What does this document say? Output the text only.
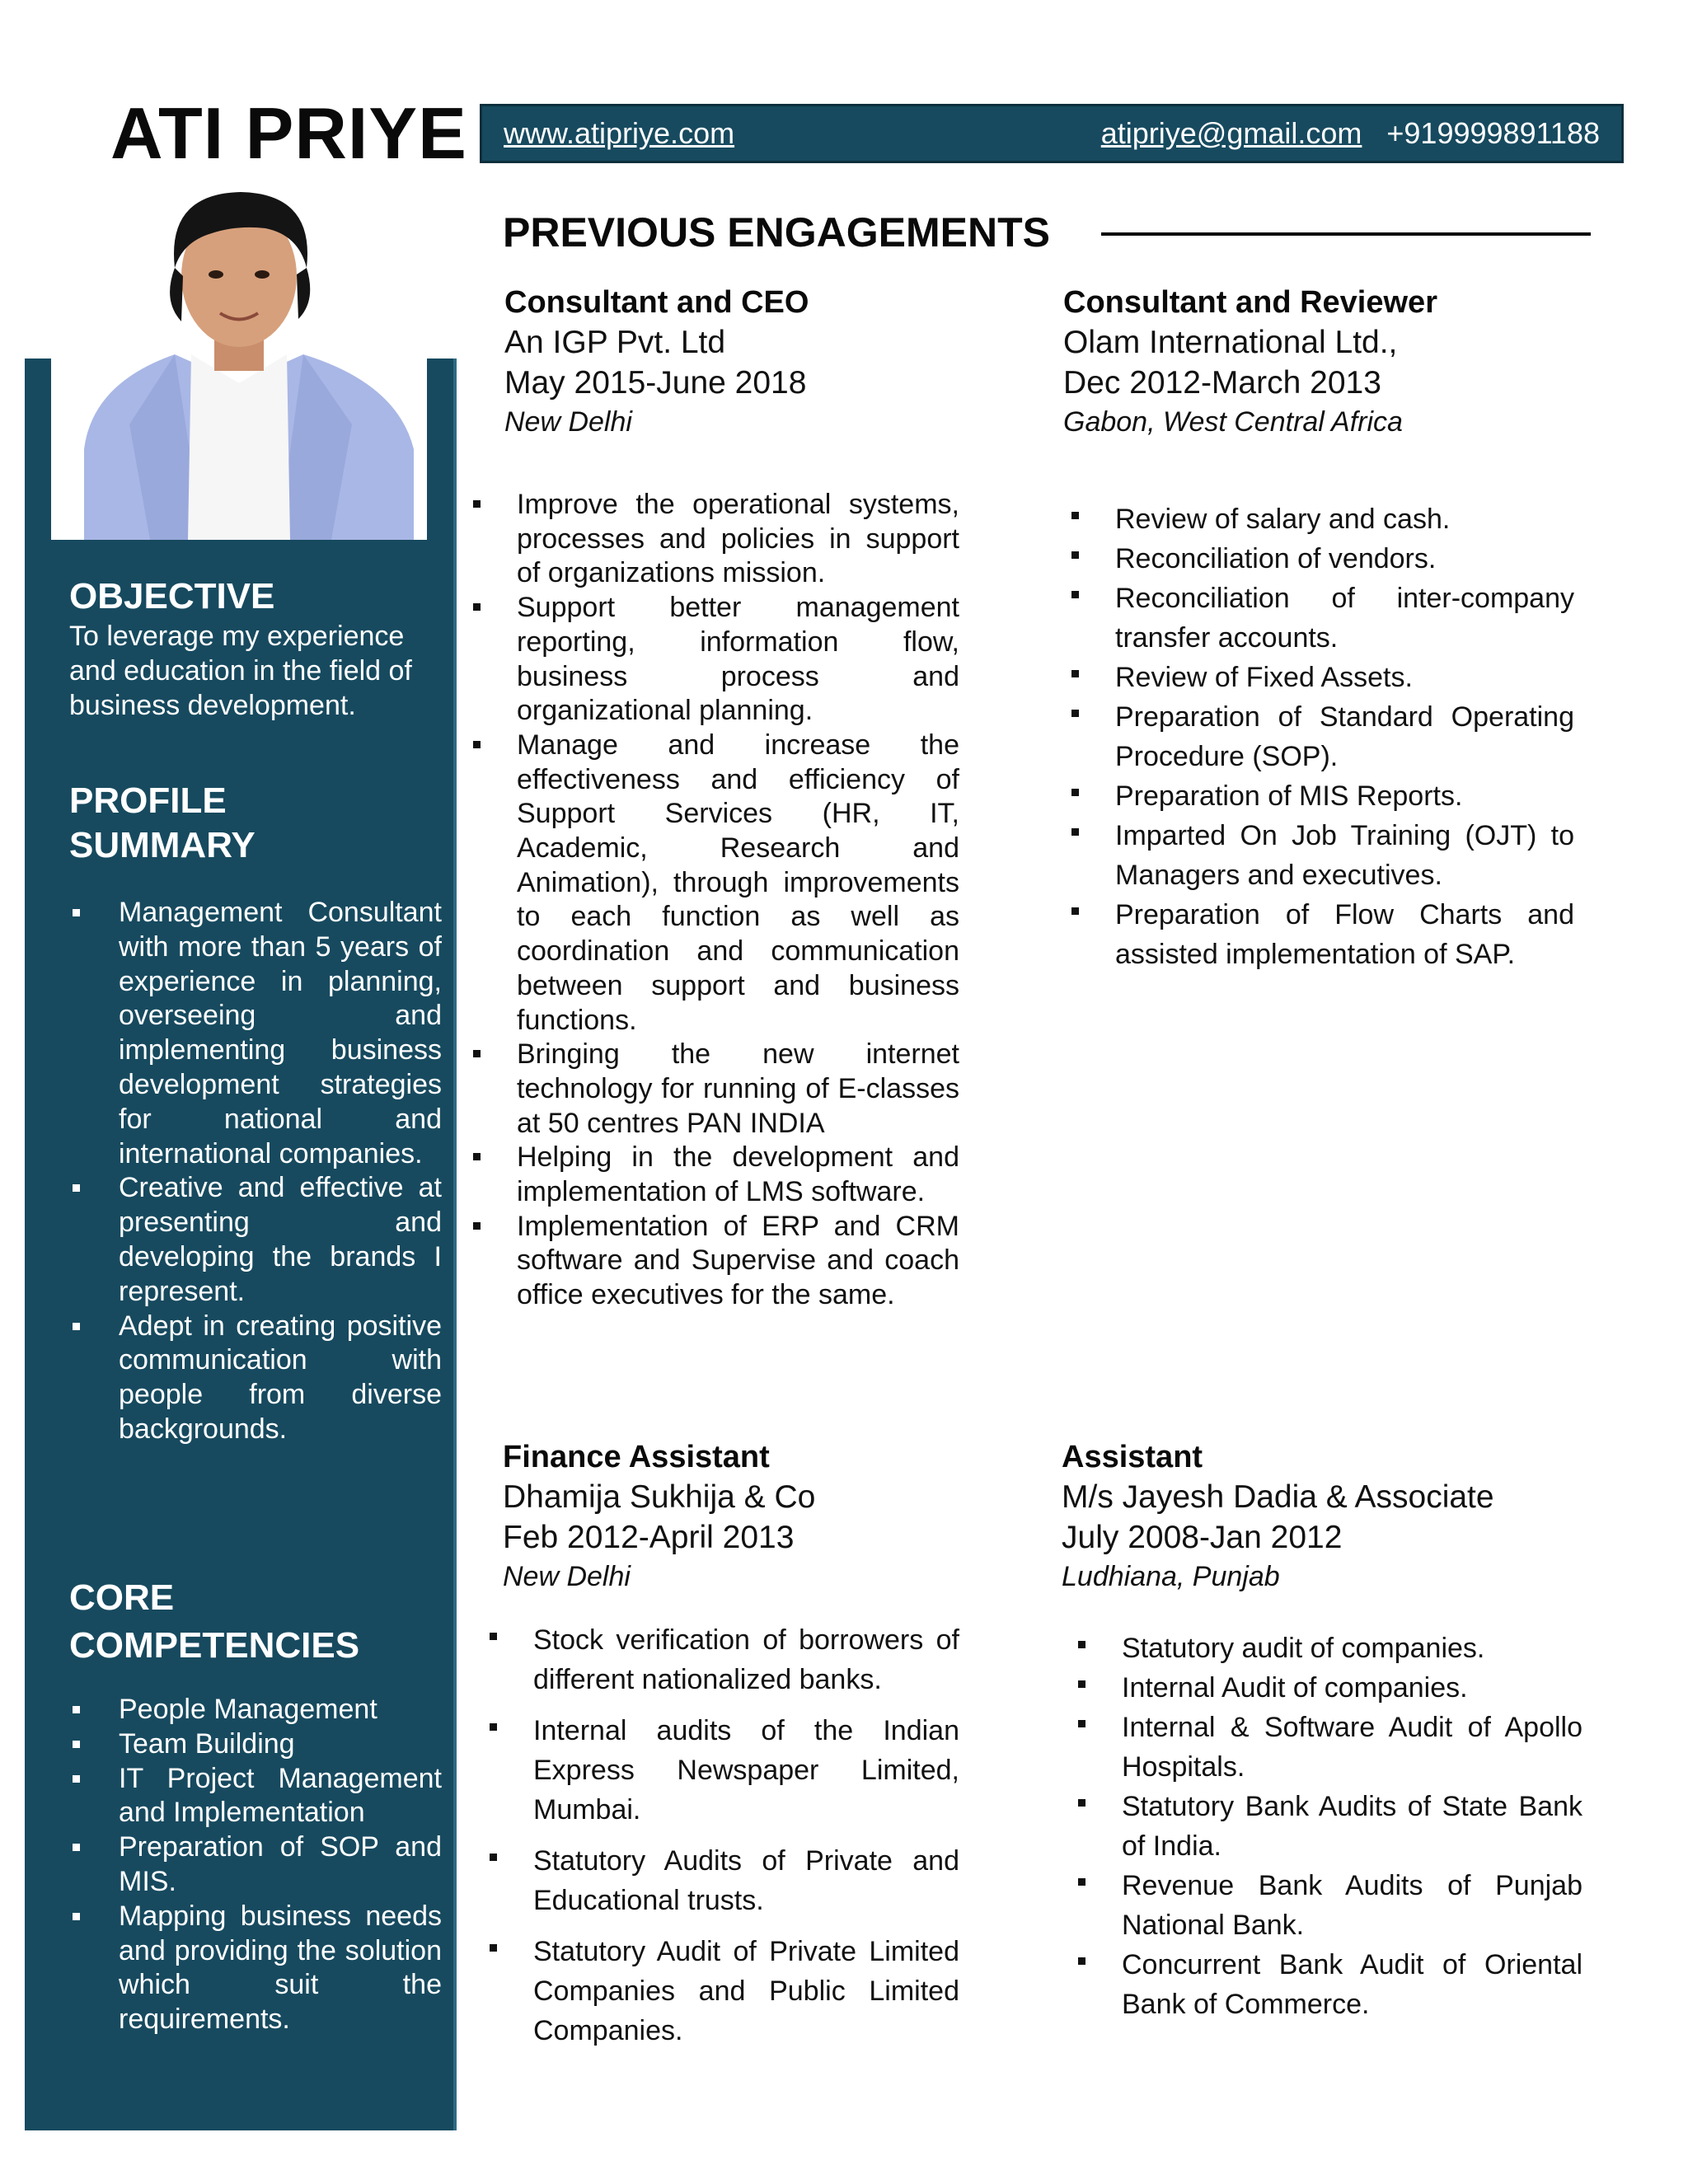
ATI PRIYE www.atipriye.com	atipriye@gmail.com +919999891188
OBJECTIVE

To leverage my experience and education in the field of business development.

PROFILE
SUMMARY
Management Consultant with more than 5 years of experience in planning, overseeing and implementing business development strategies for national and international companies.
Creative and effective at presenting and developing the brands I represent.
Adept in creating positive communication with people from diverse backgrounds.
CORE
COMPETENCIES
People Management
Team Building
IT Project Management and Implementation
Preparation of SOP and MIS.
Mapping business needs and providing the solution which suit the requirements.
PREVIOUS ENGAGEMENTS
Consultant and CEO
An IGP Pvt. Ltd
May 2015-June 2018
New Delhi
Improve the operational systems, processes and policies in support of organizations mission.
Support better management reporting, information flow, business process and organizational planning.
Manage and increase the effectiveness and efficiency of Support Services (HR, IT, Academic, Research and Animation), through improvements to each function as well as coordination and communication between support and business functions.
Bringing the new internet technology for running of E-classes at 50 centres PAN INDIA
Helping in the development and implementation of LMS software.
Implementation of ERP and CRM software and Supervise and coach office executives for the same.
Consultant and Reviewer
Olam International Ltd.,
Dec 2012-March 2013
Gabon, West Central Africa
Review of salary and cash.
Reconciliation of vendors.
Reconciliation of inter-company transfer accounts.
Review of Fixed Assets.
Preparation of Standard Operating Procedure (SOP).
Preparation of MIS Reports.
Imparted On Job Training (OJT) to Managers and executives.
Preparation of Flow Charts and assisted implementation of SAP.
Finance Assistant
Dhamija Sukhija & Co
Feb 2012-April 2013
New Delhi
Stock verification of borrowers of different nationalized banks.
Internal audits of the Indian Express Newspaper Limited, Mumbai.
Statutory Audits of Private and Educational trusts.
Statutory Audit of Private Limited Companies and Public Limited Companies.
Assistant
M/s Jayesh Dadia & Associate
July 2008-Jan 2012
Ludhiana, Punjab
Statutory audit of companies.
Internal Audit of companies.
Internal & Software Audit of Apollo Hospitals.
Statutory Bank Audits of State Bank of India.
Revenue Bank Audits of Punjab National Bank.
Concurrent Bank Audit of Oriental Bank of Commerce.
